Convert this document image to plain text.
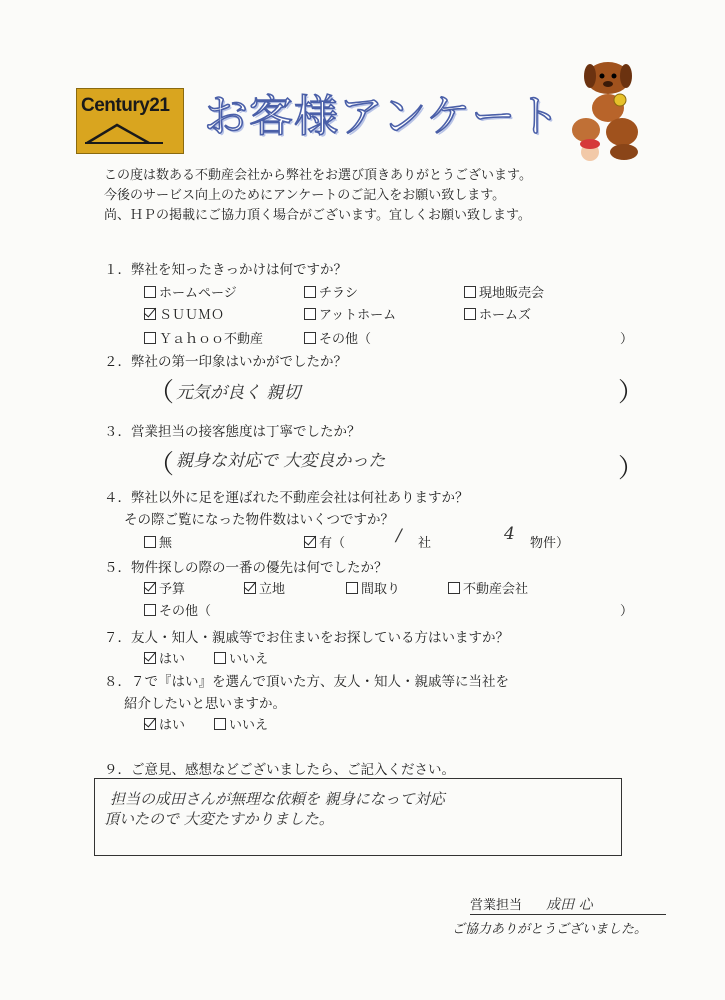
Century21 お客様アンケート
この度は数ある不動産会社から弊社をお選び頂きありがとうございます。
今後のサービス向上のためにアンケートのご記入をお願い致します。
尚、ＨＰの掲載にご協力頂く場合がございます。宜しくお願い致します。
１．弊社を知ったきっかけは何ですか？
ホームページ	チラシ	現地販売会
ＳＵＵＭＯ	アットホーム	ホームズ
Ｙａｈｏｏ不動産	その他（	）
２．弊社の第一印象はいかがでしたか？
（ 元気が良く 親切	）
３．営業担当の接客態度は丁寧でしたか？
（ 親身な対応で 大変良かった	）
４．弊社以外に足を運ばれた不動産会社は何社ありますか？
その際ご覧になった物件数はいくつですか？
無	有（	/ 社	4 物件）
５．物件探しの際の一番の優先は何でしたか？
予算	立地	間取り	不動産会社
その他（	）
７．友人・知人・親戚等でお住まいをお探している方はいますか？
はい	いいえ
８．７で『はい』を選んで頂いた方、友人・知人・親戚等に当社を
紹介したいと思いますか。
はい	いいえ
９．ご意見、感想などございましたら、ご記入ください。
担当の成田さんが無理な依頼を 親身になって対応
頂いたので 大変たすかりました。
営業担当 成田 心
ご協力ありがとうございました。
